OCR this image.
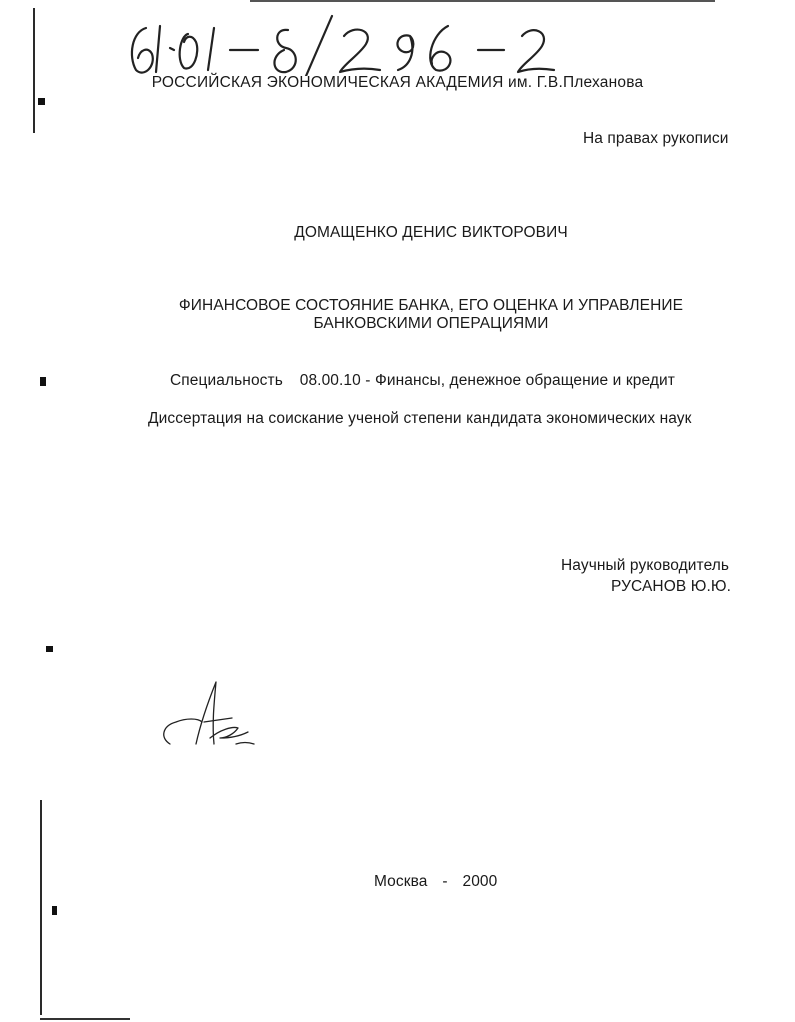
РОССИЙСКАЯ ЭКОНОМИЧЕСКАЯ АКАДЕМИЯ им. Г.В.Плеханова
На правах рукописи
ДОМАЩЕНКО ДЕНИС ВИКТОРОВИЧ
ФИНАНСОВОЕ СОСТОЯНИЕ БАНКА, ЕГО ОЦЕНКА И УПРАВЛЕНИЕ
БАНКОВСКИМИ ОПЕРАЦИЯМИ
Специальность 08.00.10 - Финансы, денежное обращение и кредит
Диссертация на соискание ученой степени кандидата экономических наук
Научный руководитель
РУСАНОВ Ю.Ю.
Москва - 2000
